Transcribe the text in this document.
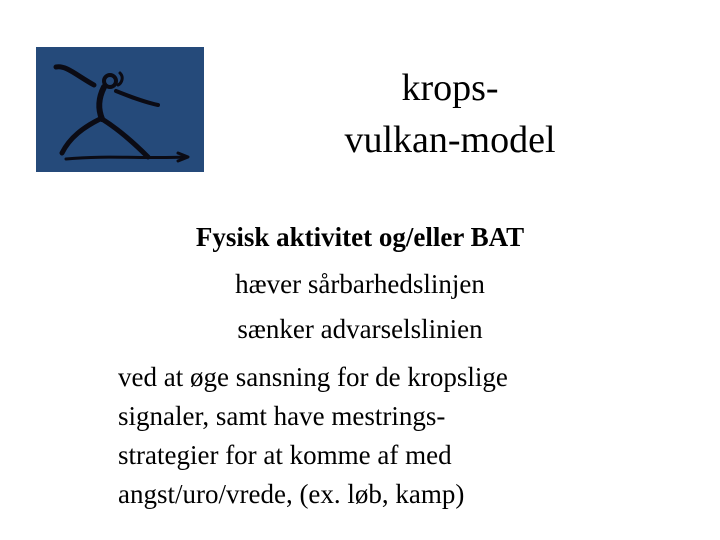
krops-
vulkan-model
Fysisk aktivitet og/eller BAT
hæver sårbarhedslinjen
sænker advarselslinien
ved at øge sansning for de kropslige
signaler, samt have mestrings-
strategier for at komme af med
angst/uro/vrede, (ex. løb, kamp)
